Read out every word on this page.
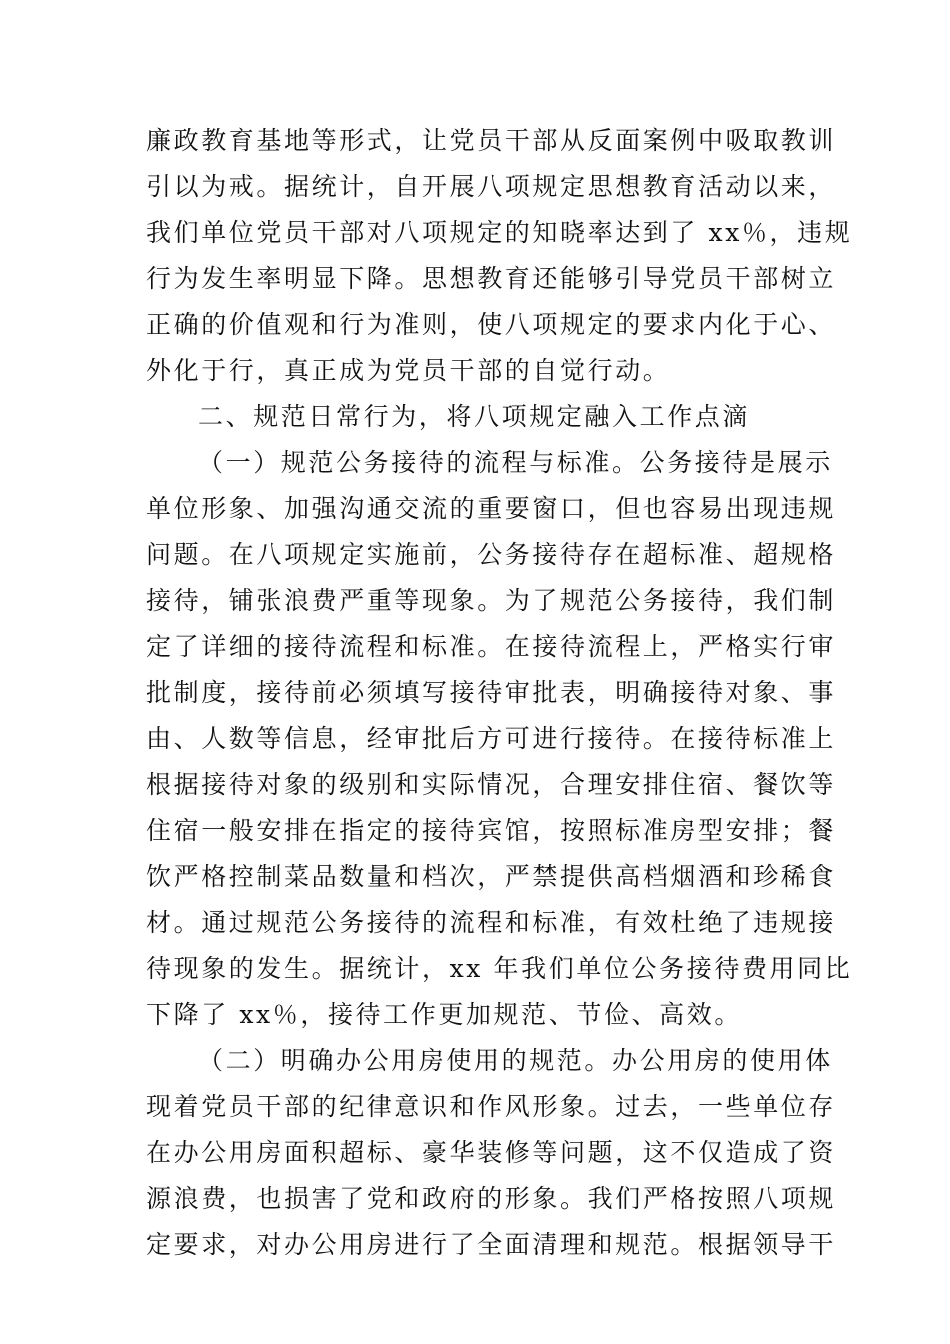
廉政教育基地等形式，让党员干部从反面案例中吸取教训
引以为戒。据统计，自开展八项规定思想教育活动以来，
我们单位党员干部对八项规定的知晓率达到了 xx％，违规
行为发生率明显下降。思想教育还能够引导党员干部树立
正确的价值观和行为准则，使八项规定的要求内化于心、
外化于行，真正成为党员干部的自觉行动。
二、规范日常行为，将八项规定融入工作点滴
（一）规范公务接待的流程与标准。公务接待是展示
单位形象、加强沟通交流的重要窗口，但也容易出现违规
问题。在八项规定实施前，公务接待存在超标准、超规格
接待，铺张浪费严重等现象。为了规范公务接待，我们制
定了详细的接待流程和标准。在接待流程上，严格实行审
批制度，接待前必须填写接待审批表，明确接待对象、事
由、人数等信息，经审批后方可进行接待。在接待标准上
根据接待对象的级别和实际情况，合理安排住宿、餐饮等
住宿一般安排在指定的接待宾馆，按照标准房型安排；餐
饮严格控制菜品数量和档次，严禁提供高档烟酒和珍稀食
材。通过规范公务接待的流程和标准，有效杜绝了违规接
待现象的发生。据统计，xx 年我们单位公务接待费用同比
下降了 xx％，接待工作更加规范、节俭、高效。
（二）明确办公用房使用的规范。办公用房的使用体
现着党员干部的纪律意识和作风形象。过去，一些单位存
在办公用房面积超标、豪华装修等问题，这不仅造成了资
源浪费，也损害了党和政府的形象。我们严格按照八项规
定要求，对办公用房进行了全面清理和规范。根据领导干
